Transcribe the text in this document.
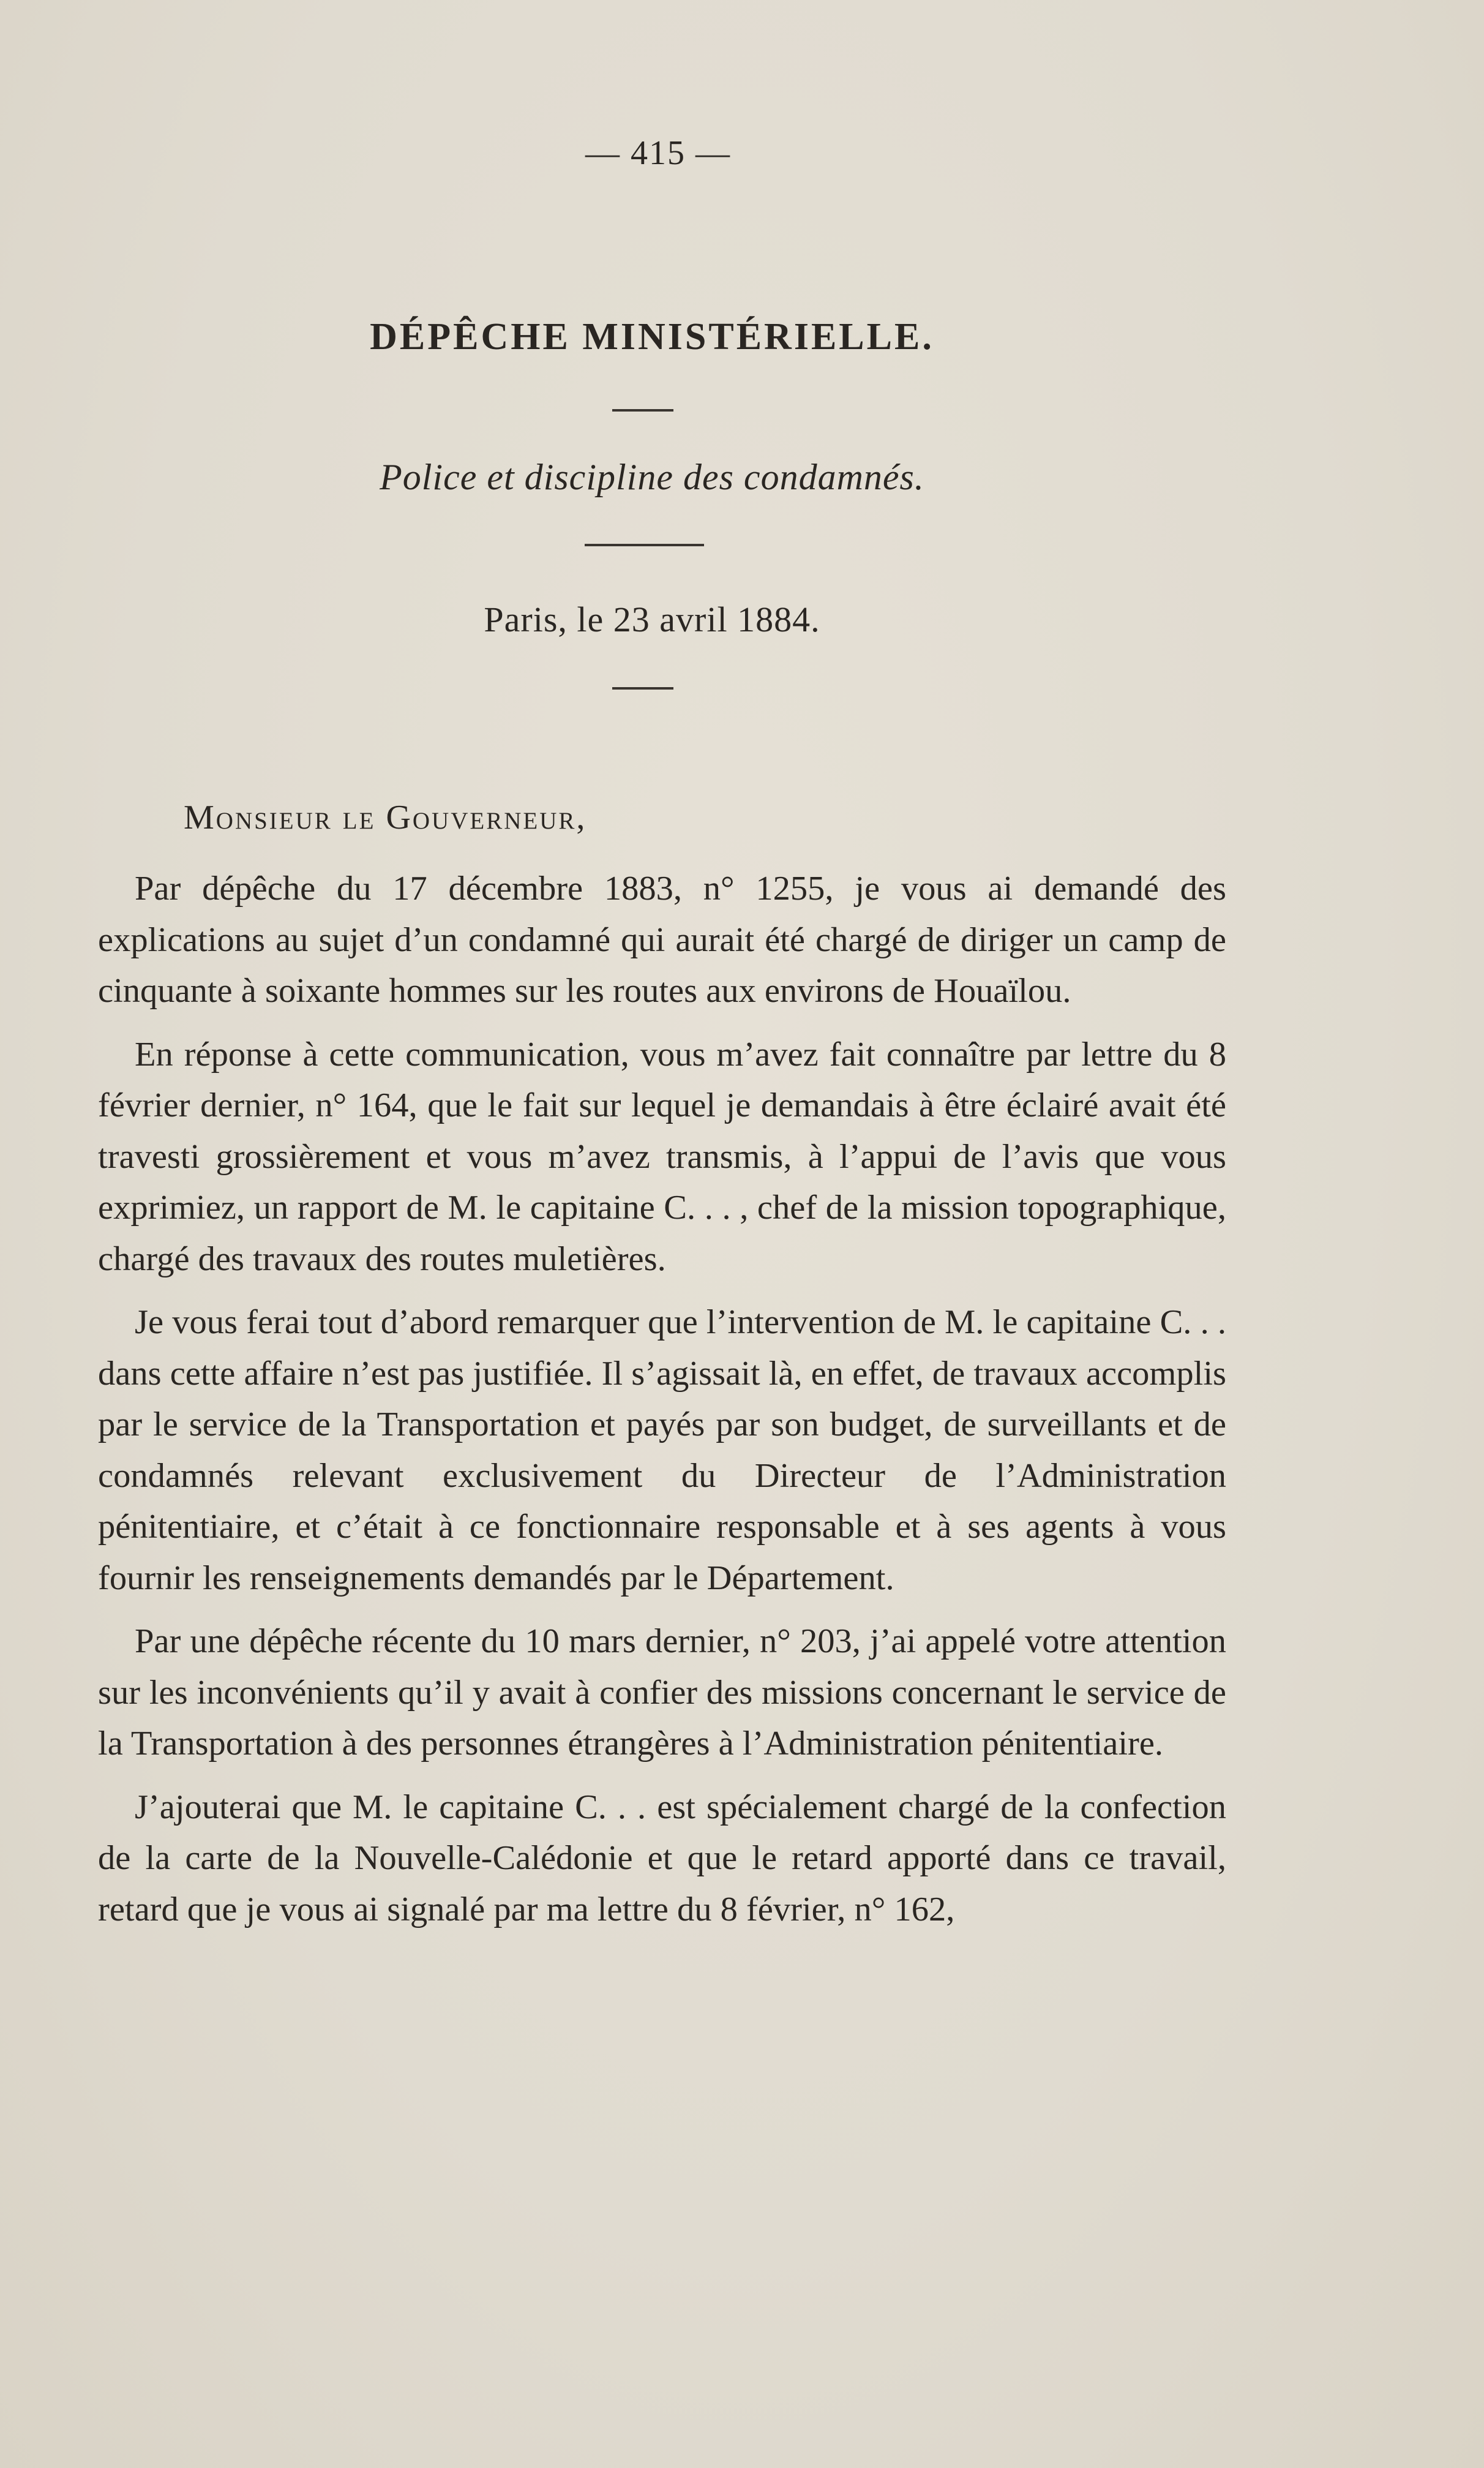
— 415 —
DÉPÊCHE MINISTÉRIELLE.
Police et discipline des condamnés.
Paris, le 23 avril 1884.
Monsieur le Gouverneur,

Par dépêche du 17 décembre 1883, n° 1255, je vous ai demandé des explications au sujet d’un condamné qui aurait été chargé de diriger un camp de cinquante à soixante hommes sur les routes aux environs de Houaïlou.

En réponse à cette communication, vous m’avez fait connaître par lettre du 8 février dernier, n° 164, que le fait sur lequel je demandais à être éclairé avait été travesti grossièrement et vous m’avez transmis, à l’appui de l’avis que vous exprimiez, un rapport de M. le capitaine C. . . , chef de la mission topographique, chargé des travaux des routes muletières.

Je vous ferai tout d’abord remarquer que l’intervention de M. le capitaine C. . . dans cette affaire n’est pas justifiée. Il s’agissait là, en effet, de travaux accomplis par le service de la Transportation et payés par son budget, de surveillants et de condamnés relevant exclusivement du Directeur de l’Administration pénitentiaire, et c’était à ce fonctionnaire responsable et à ses agents à vous fournir les renseignements demandés par le Département.

Par une dépêche récente du 10 mars dernier, n° 203, j’ai appelé votre attention sur les inconvénients qu’il y avait à confier des missions concernant le service de la Transportation à des personnes étrangères à l’Administration pénitentiaire.

J’ajouterai que M. le capitaine C. . . est spécialement chargé de la confection de la carte de la Nouvelle-Calédonie et que le retard apporté dans ce travail, retard que je vous ai signalé par ma lettre du 8 février, n° 162,
